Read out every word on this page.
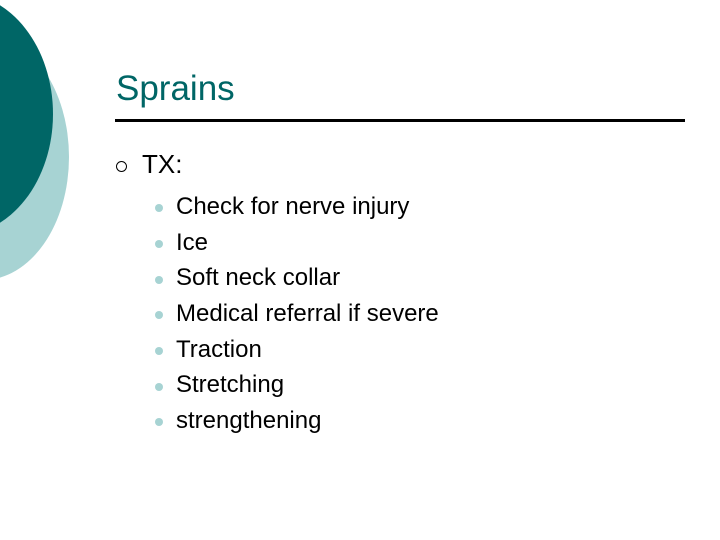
Sprains
TX:
Check for nerve injury
Ice
Soft neck collar
Medical referral if severe
Traction
Stretching
strengthening
